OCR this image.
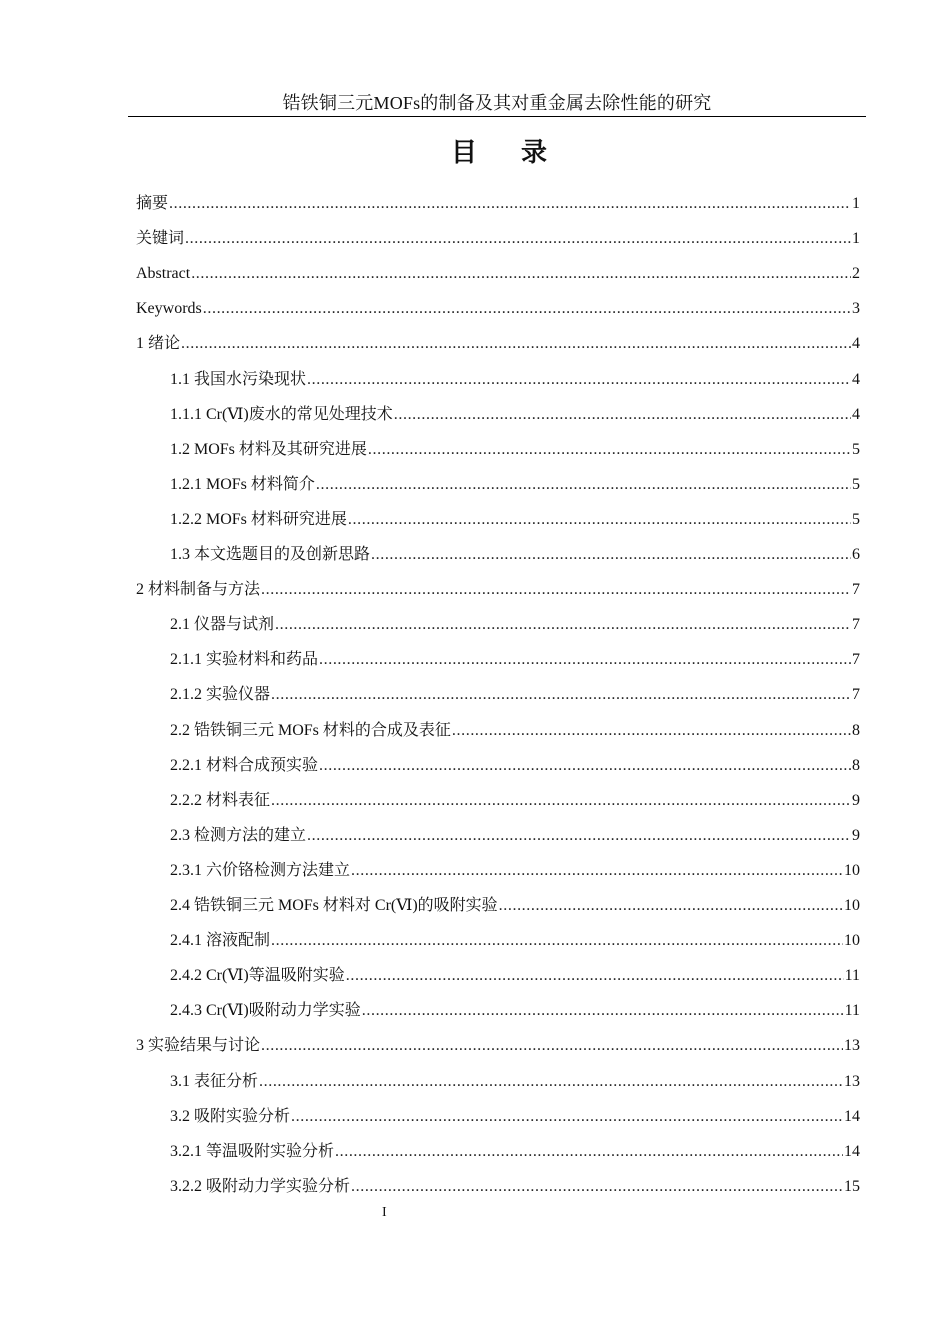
锆铁铜三元MOFs的制备及其对重金属去除性能的研究
目 录
摘要 .....	1
关键词 .....	1
Abstract .....	2
Keywords .....	3
1 绪论 .....	4
1.1 我国水污染现状 .....	4
1.1.1 Cr(Ⅵ)废水的常见处理技术 .....	4
1.2 MOFs 材料及其研究进展 .....	5
1.2.1 MOFs 材料简介 .....	5
1.2.2 MOFs 材料研究进展 .....	5
1.3 本文选题目的及创新思路 .....	6
2 材料制备与方法 .....	7
2.1 仪器与试剂 .....	7
2.1.1 实验材料和药品 .....	7
2.1.2 实验仪器 .....	7
2.2 锆铁铜三元 MOFs 材料的合成及表征 .....	8
2.2.1 材料合成预实验 .....	8
2.2.2 材料表征 .....	9
2.3 检测方法的建立 .....	9
2.3.1 六价铬检测方法建立 .....	10
2.4 锆铁铜三元 MOFs 材料对 Cr(Ⅵ)的吸附实验 .....	10
2.4.1 溶液配制 .....	10
2.4.2 Cr(Ⅵ)等温吸附实验 .....	11
2.4.3 Cr(Ⅵ)吸附动力学实验 .....	11
3 实验结果与讨论 .....	13
3.1 表征分析 .....	13
3.2 吸附实验分析 .....	14
3.2.1 等温吸附实验分析 .....	14
3.2.2 吸附动力学实验分析 .....	15
I
